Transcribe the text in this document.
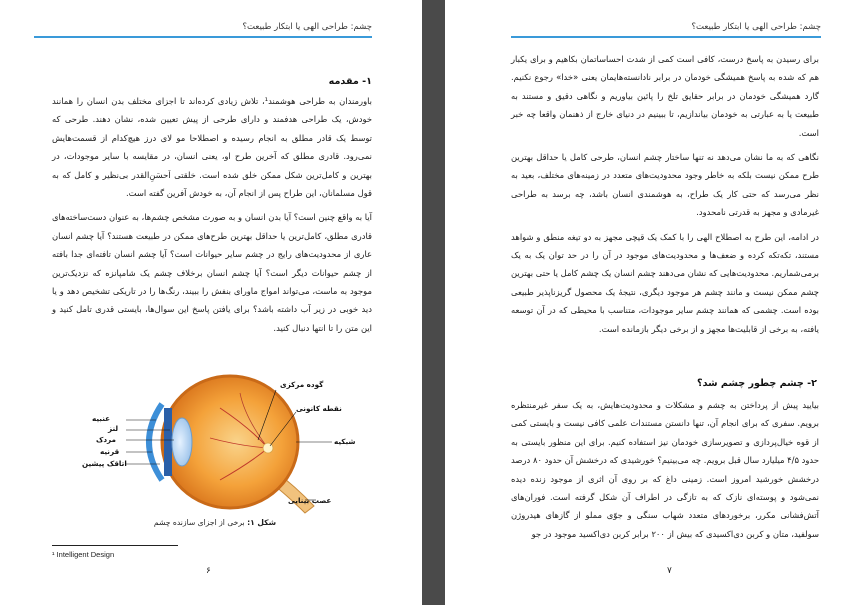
چشم: طراحی الهی یا ابتکار طبیعت؟
۱- مقدمه

باورمندان به طراحی هوشمند¹، تلاش زیادی کرده‌اند تا اجزای مختلف بدن انسان را همانند خودش، یک طراحی هدفمند و دارای طرحی از پیش تعیین شده، نشان دهند. طرحی که توسط یک قادر مطلق به انجام رسیده و اصطلاحا مو لای درز هیچ‌کدام از قسمت‌هایش نمی‌رود. قادری مطلق که آخرین طرح او، یعنی انسان، در مقایسه با سایر موجودات، در بهترین و کامل‌ترین شکل ممکن خلق شده است. خلقتی اَحسَن‌ِالقدر بی‌نظیر و کامل که به قول مسلمانان، این طراح پس از انجام آن، به خودش آفرین گفته است.

آیا به واقع چنین است؟ آیا بدن انسان و به صورت مشخص چشم‌ها، به عنوان دست‌ساخته‌های قادری مطلق، کامل‌ترین یا حداقل بهترین طرح‌های ممکن در طبیعت هستند؟ آیا چشم انسان عاری از محدودیت‌های رایج در چشم سایر حیوانات است؟ آیا چشم انسان تافته‌ای جدا بافته از چشم حیوانات دیگر است؟ آیا چشم انسان برخلاف چشم یک شامپانزه که نزدیک‌ترین موجود به ماست، می‌تواند امواج ماورای بنفش را ببیند، رنگ‌ها را در تاریکی تشخیص دهد و یا دید خوبی در زیر آب داشته باشد؟ برای یافتن پاسخ این سوال‌ها، بایستی قدری تامل کنید و این متن را تا انتها دنبال کنید.

گوده مرکزی
نقطه کانونی
شبکیه
عصب بینایی
عنبیه
لنز
مردک
قرنیه
اتاقک پیشین
شکل ۱: برخی از اجزای سازنده چشم
¹ Intelligent Design
۶
چشم: طراحی الهی یا ابتکار طبیعت؟

برای رسیدن به پاسخ درست، کافی است کمی از شدت احساساتمان بکاهیم و برای یکبار هم که شده به پاسخ همیشگی خودمان در برابر نادانسته‌هایمان یعنی «خدا» رجوع نکنیم. گارد همیشگی خودمان در برابر حقایق تلخ را پائین بیاوریم و نگاهی دقیق و مستند به طبیعت یا به عبارتی به خودمان بیاندازیم، تا ببینیم در دنیای خارج از ذهنمان واقعا چه خبر است.

نگاهی که به ما نشان می‌دهد نه تنها ساختار چشم انسان، طرحی کامل یا حداقل بهترین طرح ممکن نیست بلکه به خاطر وجود محدودیت‌های متعدد در زمینه‌های مختلف، بعید به نظر می‌رسد که حتی کار یک طراح، به هوشمندی انسان باشد، چه برسد به طراحی غیرمادی و مجهز به قدرتی نامحدود.

در ادامه، این طرح به اصطلاح الهی را با کمک یک قیچی مجهز به دو تیغه منطق و شواهد مستند، تکه‌تکه کرده و ضعف‌ها و محدودیت‌های موجود در آن را در حد توان یک به یک برمی‌شماریم. محدودیت‌هایی که نشان می‌دهند چشم انسان یک چشم کامل یا حتی بهترین چشم ممکن نیست و مانند چشم هر موجود دیگری، نتیجهٔ یک محصول گریزناپذیر طبیعی بوده است. چشمی که همانند چشم سایر موجودات، متناسب با محیطی که در آن توسعه یافته، به برخی از قابلیت‌ها مجهز و از برخی دیگر بازمانده است.

۲- چشم چطور چشم شد؟

بیایید پیش از پرداختن به چشم و مشکلات و محدودیت‌هایش، به یک سفر غیرمنتظره برویم. سفری که برای انجام آن، تنها دانستن مستندات علمی کافی نیست و بایستی کمی از قوه خیال‌پردازی و تصویرسازی خودمان نیز استفاده کنیم. برای این منظور بایستی به حدود ۴/۵ میلیارد سال قبل برویم. چه می‌بینیم؟ خورشیدی که درخشش آن حدود ۸۰ درصد درخشش خورشید امروز است. زمینی داغ که بر روی آن اثری از موجود زنده دیده نمی‌شود و پوسته‌ای نازک که به تازگی در اطراف آن شکل گرفته است. فوران‌های آتش‌فشانی مکرر، برخوردهای متعدد شهاب سنگی و جوّی مملو از گازهای هیدروژن سولفید، متان و کربن دی‌اکسیدی که بیش از ۲۰۰ برابر کربن دی‌اکسید موجود در جو

۷
